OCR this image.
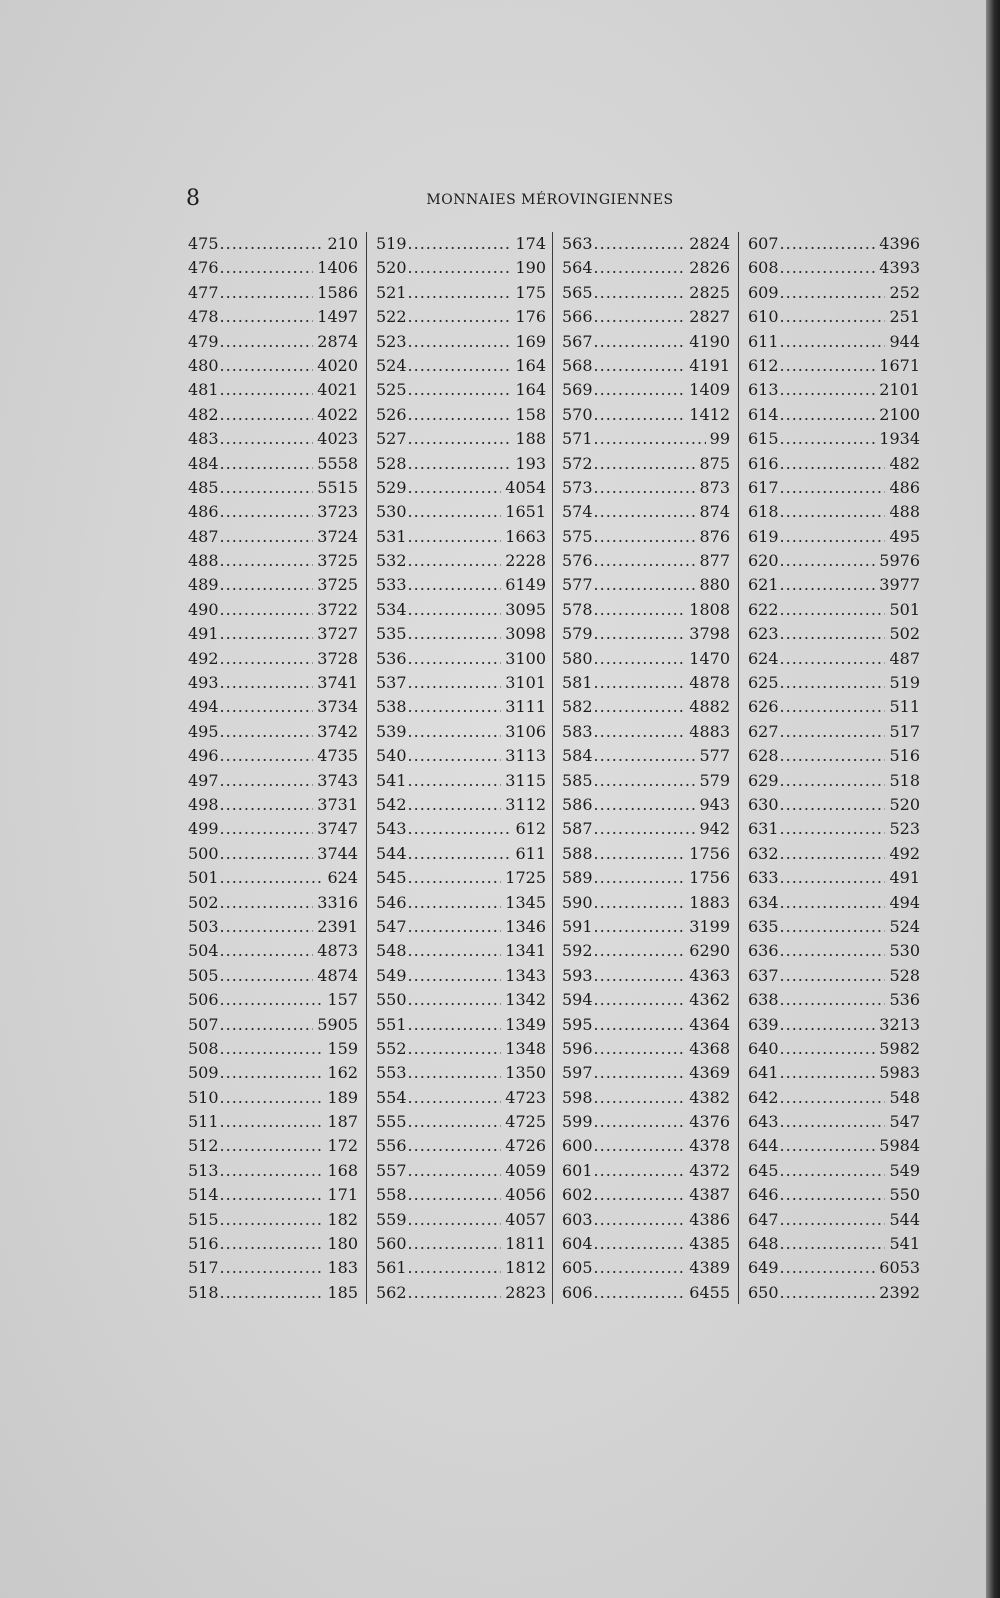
8	MONNAIES MÉROVINGIENNES
475 .....	210
476 .....	1406
477 .....	1586
478 .....	1497
479 .....	2874
480 .....	4020
481 .....	4021
482 .....	4022
483 .....	4023
484 .....	5558
485 .....	5515
486 .....	3723
487 .....	3724
488 .....	3725
489 .....	3725
490 .....	3722
491 .....	3727
492 .....	3728
493 .....	3741
494 .....	3734
495 .....	3742
496 .....	4735
497 .....	3743
498 .....	3731
499 .....	3747
500 .....	3744
501 .....	624
502 .....	3316
503 .....	2391
504 .....	4873
505 .....	4874
506 .....	157
507 .....	5905
508 .....	159
509 .....	162
510 .....	189
511 .....	187
512 .....	172
513 .....	168
514 .....	171
515 .....	182
516 .....	180
517 .....	183
518 .....	185
519 .....	174
520 .....	190
521 .....	175
522 .....	176
523 .....	169
524 .....	164
525 .....	164
526 .....	158
527 .....	188
528 .....	193
529 .....	4054
530 .....	1651
531 .....	1663
532 .....	2228
533 .....	6149
534 .....	3095
535 .....	3098
536 .....	3100
537 .....	3101
538 .....	3111
539 .....	3106
540 .....	3113
541 .....	3115
542 .....	3112
543 .....	612
544 .....	611
545 .....	1725
546 .....	1345
547 .....	1346
548 .....	1341
549 .....	1343
550 .....	1342
551 .....	1349
552 .....	1348
553 .....	1350
554 .....	4723
555 .....	4725
556 .....	4726
557 .....	4059
558 .....	4056
559 .....	4057
560 .....	1811
561 .....	1812
562 .....	2823
563 .....	2824
564 .....	2826
565 .....	2825
566 .....	2827
567 .....	4190
568 .....	4191
569 .....	1409
570 .....	1412
571 .....	99
572 .....	875
573 .....	873
574 .....	874
575 .....	876
576 .....	877
577 .....	880
578 .....	1808
579 .....	3798
580 .....	1470
581 .....	4878
582 .....	4882
583 .....	4883
584 .....	577
585 .....	579
586 .....	943
587 .....	942
588 .....	1756
589 .....	1756
590 .....	1883
591 .....	3199
592 .....	6290
593 .....	4363
594 .....	4362
595 .....	4364
596 .....	4368
597 .....	4369
598 .....	4382
599 .....	4376
600 .....	4378
601 .....	4372
602 .....	4387
603 .....	4386
604 .....	4385
605 .....	4389
606 .....	6455
607 .....	4396
608 .....	4393
609 .....	252
610 .....	251
611 .....	944
612 .....	1671
613 .....	2101
614 .....	2100
615 .....	1934
616 .....	482
617 .....	486
618 .....	488
619 .....	495
620 .....	5976
621 .....	3977
622 .....	501
623 .....	502
624 .....	487
625 .....	519
626 .....	511
627 .....	517
628 .....	516
629 .....	518
630 .....	520
631 .....	523
632 .....	492
633 .....	491
634 .....	494
635 .....	524
636 .....	530
637 .....	528
638 .....	536
639 .....	3213
640 .....	5982
641 .....	5983
642 .....	548
643 .....	547
644 .....	5984
645 .....	549
646 .....	550
647 .....	544
648 .....	541
649 .....	6053
650 .....	2392
